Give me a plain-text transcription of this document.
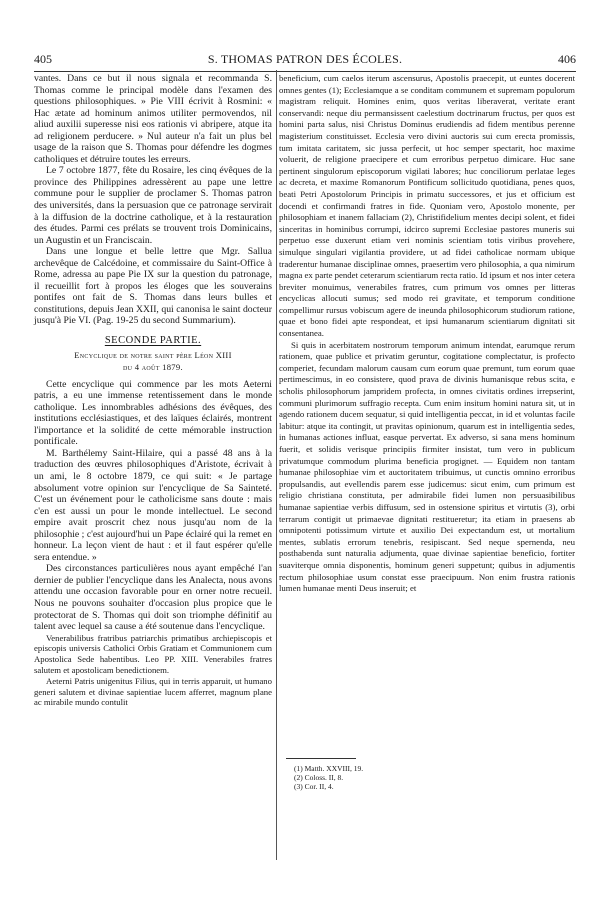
405	S. THOMAS PATRON DES ÉCOLES.	406

vantes. Dans ce but il nous signala et recommanda S. Thomas comme le principal modèle dans l'examen des questions philosophiques. » Pie VIII écrivit à Rosmini: « Hac ætate ad hominum animos utiliter permovendos, nil aliud auxilii superesse nisi eos rationis vi abripere, atque ita ad religionem perducere. » Nul auteur n'a fait un plus bel usage de la raison que S. Thomas pour défendre les dogmes catholiques et détruire toutes les erreurs.

Le 7 octobre 1877, fête du Rosaire, les cinq évêques de la province des Philippines adressèrent au pape une lettre commune pour le supplier de proclamer S. Thomas patron des universités, dans la persuasion que ce patronage servirait à la diffusion de la doctrine catholique, et à la restauration des études. Parmi ces prélats se trouvent trois Dominicains, un Augustin et un Franciscain.

Dans une longue et belle lettre que Mgr. Sallua archevêque de Calcédoine, et commissaire du Saint-Office à Rome, adressa au pape Pie IX sur la question du patronage, il recueillit fort à propos les éloges que les souverains pontifes ont fait de S. Thomas dans leurs bulles et constitutions, depuis Jean XXII, qui canonisa le saint docteur jusqu'à Pie VI. (Pag. 19-25 du second Summarium).

SECONDE PARTIE.
Encyclique de notre saint père Léon XIII
du 4 août 1879.

Cette encyclique qui commence par les mots Aeterni patris, a eu une immense retentissement dans le monde catholique. Les innombrables adhésions des évêques, des institutions ecclésiastiques, et des laïques éclairés, montrent l'importance et la solidité de cette mémorable instruction pontificale.

M. Barthélemy Saint-Hilaire, qui a passé 48 ans à la traduction des œuvres philosophiques d'Aristote, écrivait à un ami, le 8 octobre 1879, ce qui suit: « Je partage absolument votre opinion sur l'encyclique de Sa Sainteté. C'est un événement pour le catholicisme sans doute : mais c'en est aussi un pour le monde intellectuel. Le second empire avait proscrit chez nous jusqu'au nom de la philosophie ; c'est aujourd'hui un Pape éclairé qui la remet en honneur. La leçon vient de haut : et il faut espérer qu'elle sera entendue. »

Des circonstances particulières nous ayant empêché l'an dernier de publier l'encyclique dans les Analecta, nous avons attendu une occasion favorable pour en orner notre recueil. Nous ne pouvons souhaiter d'occasion plus propice que le protectorat de S. Thomas qui doit son triomphe définitif au talent avec lequel sa cause a été soutenue dans l'encyclique.

Venerabilibus fratribus patriarchis primatibus archiepiscopis et episcopis universis Catholici Orbis Gratiam et Communionem cum Apostolica Sede habentibus. Leo PP. XIII. Venerabiles fratres salutem et apostolicam benedictionem.

Aeterni Patris unigenitus Filius, qui in terris apparuit, ut humano generi salutem et divinae sapientiae lucem afferret, magnum plane ac mirabile mundo contulit

beneficium, cum caelos iterum ascensurus, Apostolis praecepit, ut euntes docerent omnes gentes (1); Ecclesiamque a se conditam communem et supremam populorum magistram reliquit. Homines enim, quos veritas liberaverat, veritate erant conservandi: neque diu permansissent caelestium doctrinarum fructus, per quos est homini parta salus, nisi Christus Dominus erudiendis ad fidem mentibus perenne magisterium constituisset. Ecclesia vero divini auctoris sui cum erecta promissis, tum imitata caritatem, sic jussa perfecit, ut hoc semper spectarit, hoc maxime voluerit, de religione praecipere et cum erroribus perpetuo dimicare. Huc sane pertinent singulorum episcoporum vigilati labores; huc conciliorum perlatae leges ac decreta, et maxime Romanorum Pontificum sollicitudo quotidiana, penes quos, beati Petri Apostolorum Principis in primatu successores, et jus et officium est docendi et confirmandi fratres in fide. Quoniam vero, Apostolo monente, per philosophiam et inanem fallaciam (2), Christifidelium mentes decipi solent, et fidei sinceritas in hominibus corrumpi, idcirco supremi Ecclesiae pastores muneris sui perpetuo esse duxerunt etiam veri nominis scientiam totis viribus provehere, simulque singulari vigilantia providere, ut ad fidei catholicae normam ubique traderentur humanae disciplinae omnes, praesertim vero philosophia, a qua nimirum magna ex parte pendet ceterarum scientiarum recta ratio. Id ipsum et nos inter cetera breviter monuimus, venerabiles fratres, cum primum vos omnes per litteras encyclicas allocuti sumus; sed modo rei gravitate, et temporum conditione compellimur rursus vobiscum agere de ineunda philosophicorum studiorum ratione, quae et bono fidei apte respondeat, et ipsi humanarum scientiarum dignitati sit consentanea.

Si quis in acerbitatem nostrorum temporum animum intendat, earumque rerum rationem, quae publice et privatim geruntur, cogitatione complectatur, is profecto comperiet, fecundam malorum causam cum eorum quae premunt, tum eorum quae pertimescimus, in eo consistere, quod prava de divinis humanisque rebus scita, e scholis philosophorum jampridem profecta, in omnes civitatis ordines irrepserint, communi plurimorum suffragio recepta. Cum enim insitum homini natura sit, ut in agendo rationem ducem sequatur, si quid intelligentia peccat, in id et voluntas facile labitur: atque ita contingit, ut pravitas opinionum, quarum est in intelligentia sedes, in humanas actiones influat, easque pervertat. Ex adverso, si sana mens hominum fuerit, et solidis verisque principiis firmiter insistat, tum vero in publicum privatumque commodum plurima beneficia progignet. — Equidem non tantam humanae philosophiae vim et auctoritatem tribuimus, ut cunctis omnino erroribus propulsandis, aut evellendis parem esse judicemus: sicut enim, cum primum est religio christiana constituta, per admirabile fidei lumen non persuasibilibus humanae sapientiae verbis diffusum, sed in ostensione spiritus et virtutis (3), orbi terrarum contigit ut primaevae dignitati restitueretur; ita etiam in praesens ab omnipotenti potissimum virtute et auxilio Dei expectandum est, ut mortalium mentes, sublatis errorum tenebris, resipiscant. Sed neque spernenda, neu posthabenda sunt naturalia adjumenta, quae divinae sapientiae beneficio, fortiter suaviterque omnia disponentis, hominum generi suppetunt; quibus in adjumentis rectum philosophiae usum constat esse praecipuum. Non enim frustra rationis lumen humanae menti Deus inseruit; et

(1) Matth. XXVIII, 19.
(2) Coloss. II, 8.
(3) Cor. II, 4.
